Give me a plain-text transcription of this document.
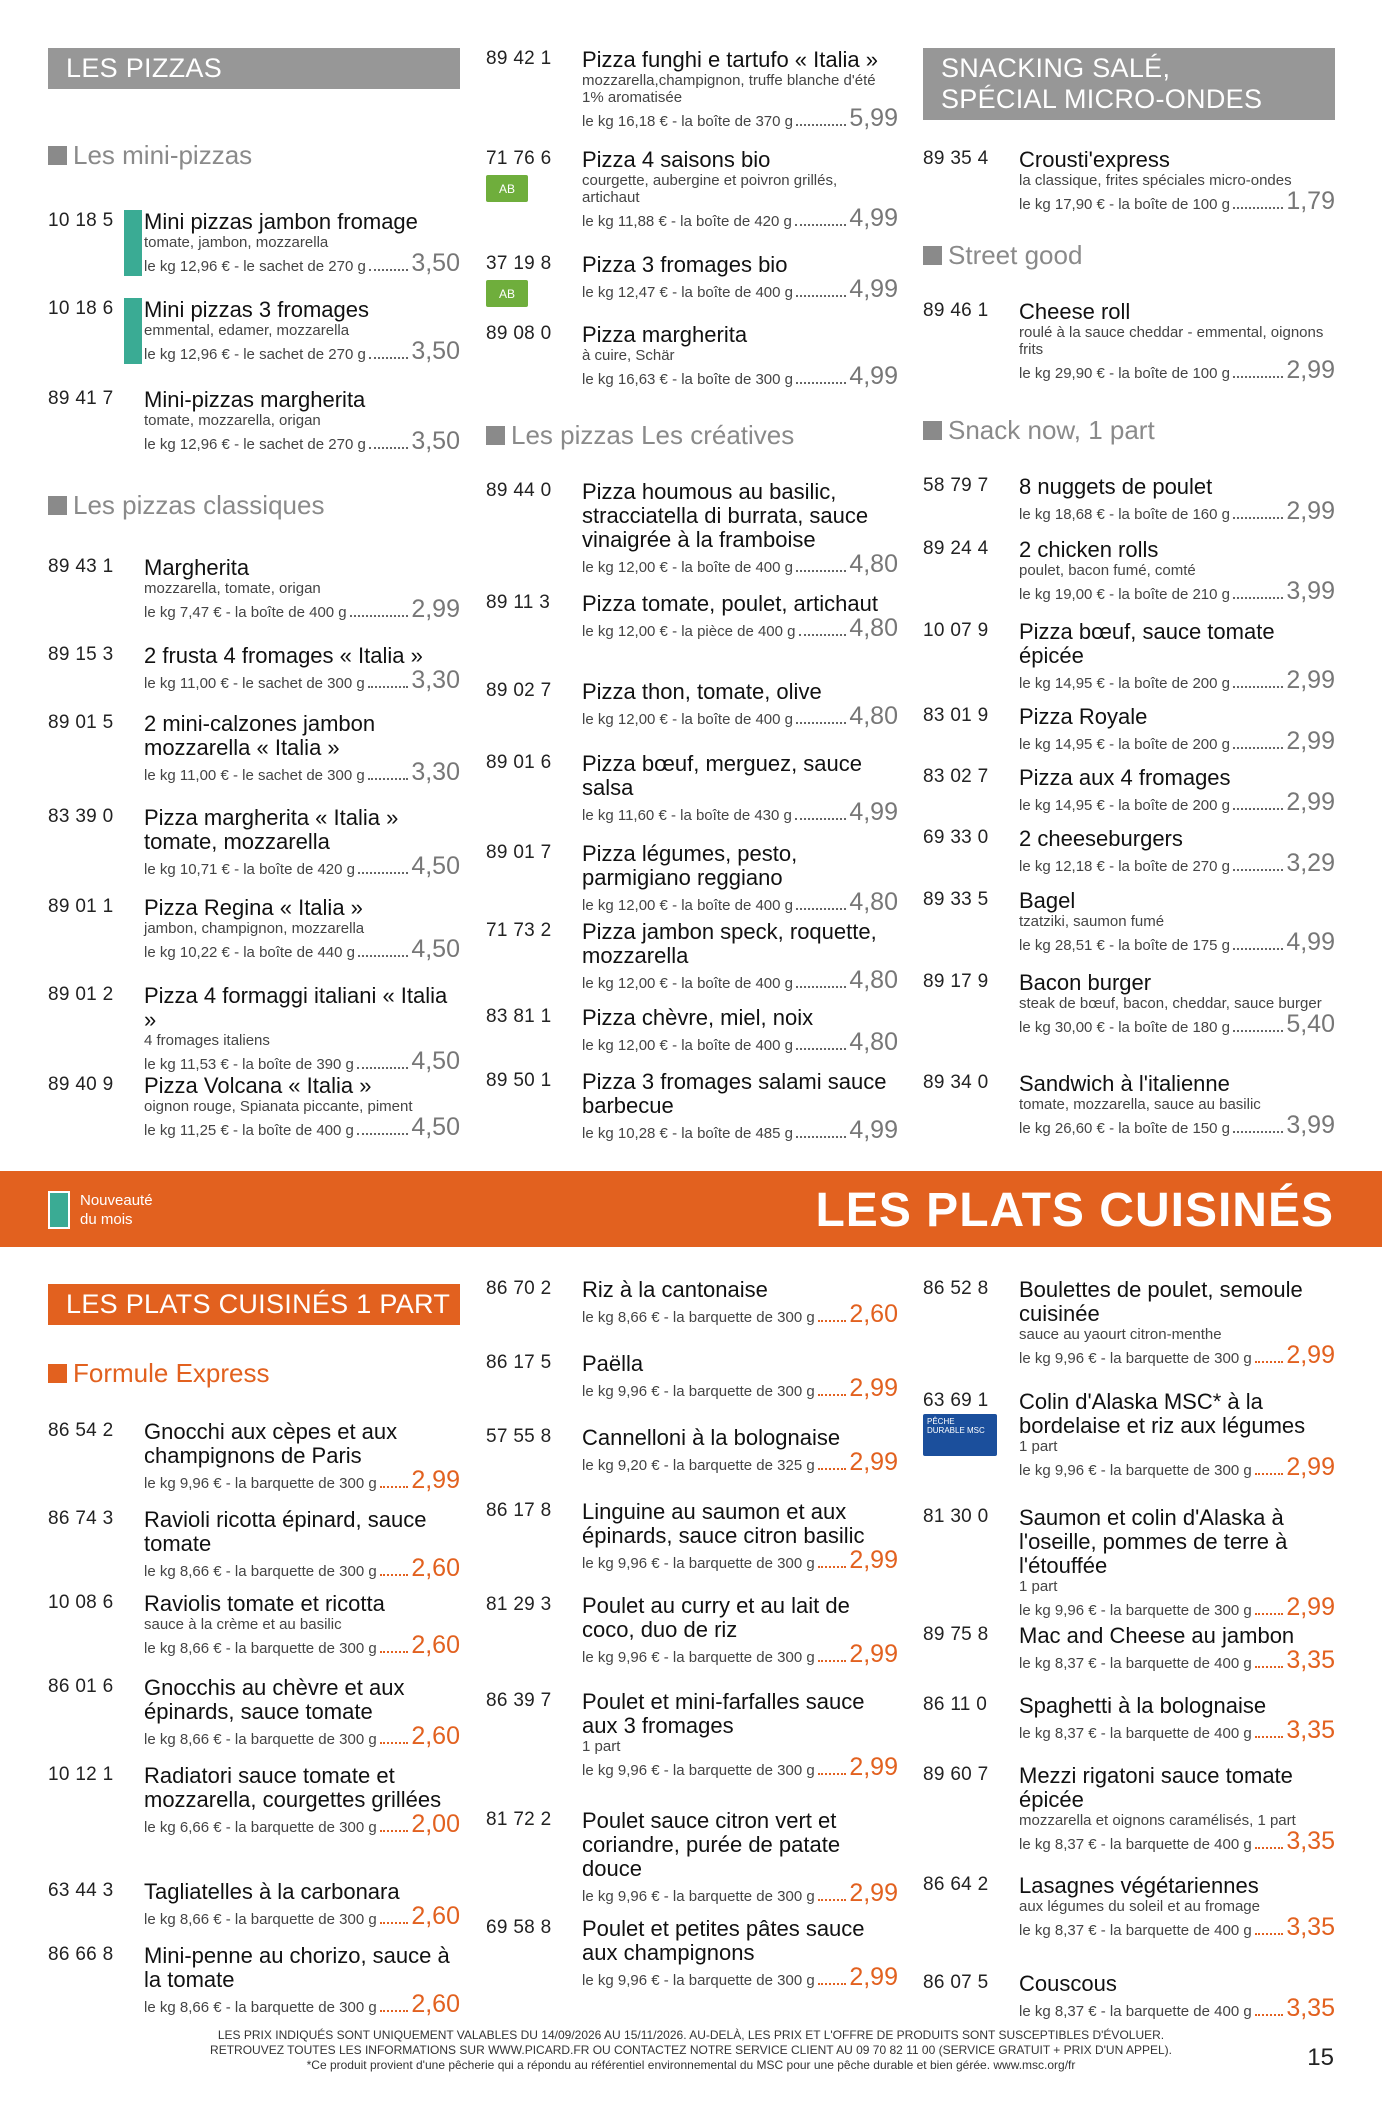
LES PIZZAS
Les mini-pizzas
10 18 5 Mini pizzas jambon fromage
tomate, jambon, mozzarella
le kg 12,96 € - le sachet de 270 g 3,50
10 18 6 Mini pizzas 3 fromages
emmental, edamer, mozzarella
le kg 12,96 € - le sachet de 270 g 3,50
89 41 7 Mini-pizzas margherita
tomate, mozzarella, origan
le kg 12,96 € - le sachet de 270 g 3,50
Les pizzas classiques
89 43 1 Margherita
mozzarella, tomate, origan
le kg 7,47 € - la boîte de 400 g	2,99
89 15 3 2 frusta 4 fromages « Italia »
le kg 11,00 € - le sachet de 300 g 3,30
89 01 5 2 mini-calzones jambon mozzarella « Italia »
le kg 11,00 € - le sachet de 300 g 3,30
83 39 0 Pizza margherita « Italia » tomate, mozzarella
le kg 10,71 € - la boîte de 420 g 4,50
89 01 1 Pizza Regina « Italia »
jambon, champignon, mozzarella
le kg 10,22 € - la boîte de 440 g 4,50
89 01 2 Pizza 4 formaggi italiani « Italia »
4 fromages italiens
le kg 11,53 € - la boîte de 390 g 4,50
89 40 9 Pizza Volcana « Italia »
oignon rouge, Spianata piccante, piment
le kg 11,25 € - la boîte de 400 g 4,50
89 42 1 Pizza funghi e tartufo « Italia »
mozzarella,champignon, truffe blanche d'été 1% aromatisée
le kg 16,18 € - la boîte de 370 g 5,99
71 76 6
AB
Pizza 4 saisons bio
courgette, aubergine et poivron grillés, artichaut
le kg 11,88 € - la boîte de 420 g 4,99
37 19 8
AB
Pizza 3 fromages bio
le kg 12,47 € - la boîte de 400 g 4,99
89 08 0 Pizza margherita
à cuire, Schär
le kg 16,63 € - la boîte de 300 g 4,99
Les pizzas Les créatives
89 44 0 Pizza houmous au basilic, stracciatella di burrata, sauce vinaigrée à la framboise
le kg 12,00 € - la boîte de 400 g 4,80
89 11 3 Pizza tomate, poulet, artichaut
le kg 12,00 € - la pièce de 400 g 4,80
89 02 7 Pizza thon, tomate, olive
le kg 12,00 € - la boîte de 400 g 4,80
89 01 6 Pizza bœuf, merguez, sauce salsa
le kg 11,60 € - la boîte de 430 g 4,99
89 01 7 Pizza légumes, pesto, parmigiano reggiano
le kg 12,00 € - la boîte de 400 g 4,80
71 73 2 Pizza jambon speck, roquette, mozzarella
le kg 12,00 € - la boîte de 400 g 4,80
83 81 1 Pizza chèvre, miel, noix
le kg 12,00 € - la boîte de 400 g 4,80
89 50 1 Pizza 3 fromages salami sauce barbecue
le kg 10,28 € - la boîte de 485 g 4,99
SNACKING SALÉ,
SPÉCIAL MICRO-ONDES
89 35 4 Crousti'express
la classique, frites spéciales micro-ondes
le kg 17,90 € - la boîte de 100 g 1,79
Street good
89 46 1 Cheese roll
roulé à la sauce cheddar - emmental, oignons frits
le kg 29,90 € - la boîte de 100 g 2,99
Snack now, 1 part
58 79 7 8 nuggets de poulet
le kg 18,68 € - la boîte de 160 g 2,99
89 24 4 2 chicken rolls
poulet, bacon fumé, comté
le kg 19,00 € - la boîte de 210 g 3,99
10 07 9 Pizza bœuf, sauce tomate épicée
le kg 14,95 € - la boîte de 200 g 2,99
83 01 9 Pizza Royale
le kg 14,95 € - la boîte de 200 g 2,99
83 02 7 Pizza aux 4 fromages
le kg 14,95 € - la boîte de 200 g 2,99
69 33 0 2 cheeseburgers
le kg 12,18 € - la boîte de 270 g 3,29
89 33 5 Bagel
tzatziki, saumon fumé
le kg 28,51 € - la boîte de 175 g 4,99
89 17 9 Bacon burger
steak de bœuf, bacon, cheddar, sauce burger
le kg 30,00 € - la boîte de 180 g 5,40
89 34 0 Sandwich à l'italienne
tomate, mozzarella, sauce au basilic
le kg 26,60 € - la boîte de 150 g 3,99
Nouveauté
du mois	LES PLATS CUISINÉS
LES PLATS CUISINÉS 1 PART
Formule Express
86 54 2 Gnocchi aux cèpes et aux champignons de Paris
le kg 9,96 € - la barquette de 300 g 2,99
86 74 3 Ravioli ricotta épinard, sauce tomate
le kg 8,66 € - la barquette de 300 g 2,60
10 08 6 Raviolis tomate et ricotta
sauce à la crème et au basilic
le kg 8,66 € - la barquette de 300 g 2,60
86 01 6 Gnocchis au chèvre et aux épinards, sauce tomate
le kg 8,66 € - la barquette de 300 g 2,60
10 12 1 Radiatori sauce tomate et mozzarella, courgettes grillées
le kg 6,66 € - la barquette de 300 g 2,00
63 44 3 Tagliatelles à la carbonara
le kg 8,66 € - la barquette de 300 g 2,60
86 66 8 Mini-penne au chorizo, sauce à la tomate
le kg 8,66 € - la barquette de 300 g 2,60
86 70 2 Riz à la cantonaise
le kg 8,66 € - la barquette de 300 g 2,60
86 17 5 Paëlla
le kg 9,96 € - la barquette de 300 g 2,99
57 55 8 Cannelloni à la bolognaise
le kg 9,20 € - la barquette de 325 g 2,99
86 17 8 Linguine au saumon et aux épinards, sauce citron basilic
le kg 9,96 € - la barquette de 300 g 2,99
81 29 3 Poulet au curry et au lait de coco, duo de riz
le kg 9,96 € - la barquette de 300 g 2,99
86 39 7 Poulet et mini-farfalles sauce aux 3 fromages
1 part
le kg 9,96 € - la barquette de 300 g 2,99
81 72 2 Poulet sauce citron vert et coriandre, purée de patate douce
le kg 9,96 € - la barquette de 300 g 2,99
69 58 8 Poulet et petites pâtes sauce aux champignons
le kg 9,96 € - la barquette de 300 g 2,99
86 52 8 Boulettes de poulet, semoule cuisinée
sauce au yaourt citron-menthe
le kg 9,96 € - la barquette de 300 g 2,99
63 69 1
PÊCHE DURABLE MSC
Colin d'Alaska MSC* à la bordelaise et riz aux légumes
1 part
le kg 9,96 € - la barquette de 300 g 2,99
81 30 0 Saumon et colin d'Alaska à l'oseille, pommes de terre à l'étouffée
1 part
le kg 9,96 € - la barquette de 300 g 2,99
89 75 8 Mac and Cheese au jambon
le kg 8,37 € - la barquette de 400 g 3,35
86 11 0 Spaghetti à la bolognaise
le kg 8,37 € - la barquette de 400 g 3,35
89 60 7 Mezzi rigatoni sauce tomate épicée
mozzarella et oignons caramélisés, 1 part
le kg 8,37 € - la barquette de 400 g 3,35
86 64 2 Lasagnes végétariennes
aux légumes du soleil et au fromage
le kg 8,37 € - la barquette de 400 g 3,35
86 07 5 Couscous
le kg 8,37 € - la barquette de 400 g 3,35
LES PRIX INDIQUÉS SONT UNIQUEMENT VALABLES DU 14/09/2026 AU 15/11/2026. AU-DELÀ, LES PRIX ET L'OFFRE DE PRODUITS SONT SUSCEPTIBLES D'ÉVOLUER.
RETROUVEZ TOUTES LES INFORMATIONS SUR WWW.PICARD.FR OU CONTACTEZ NOTRE SERVICE CLIENT AU 09 70 82 11 00 (SERVICE GRATUIT + PRIX D'UN APPEL).
*Ce produit provient d'une pêcherie qui a répondu au référentiel environnemental du MSC pour une pêche durable et bien gérée. www.msc.org/fr	15
